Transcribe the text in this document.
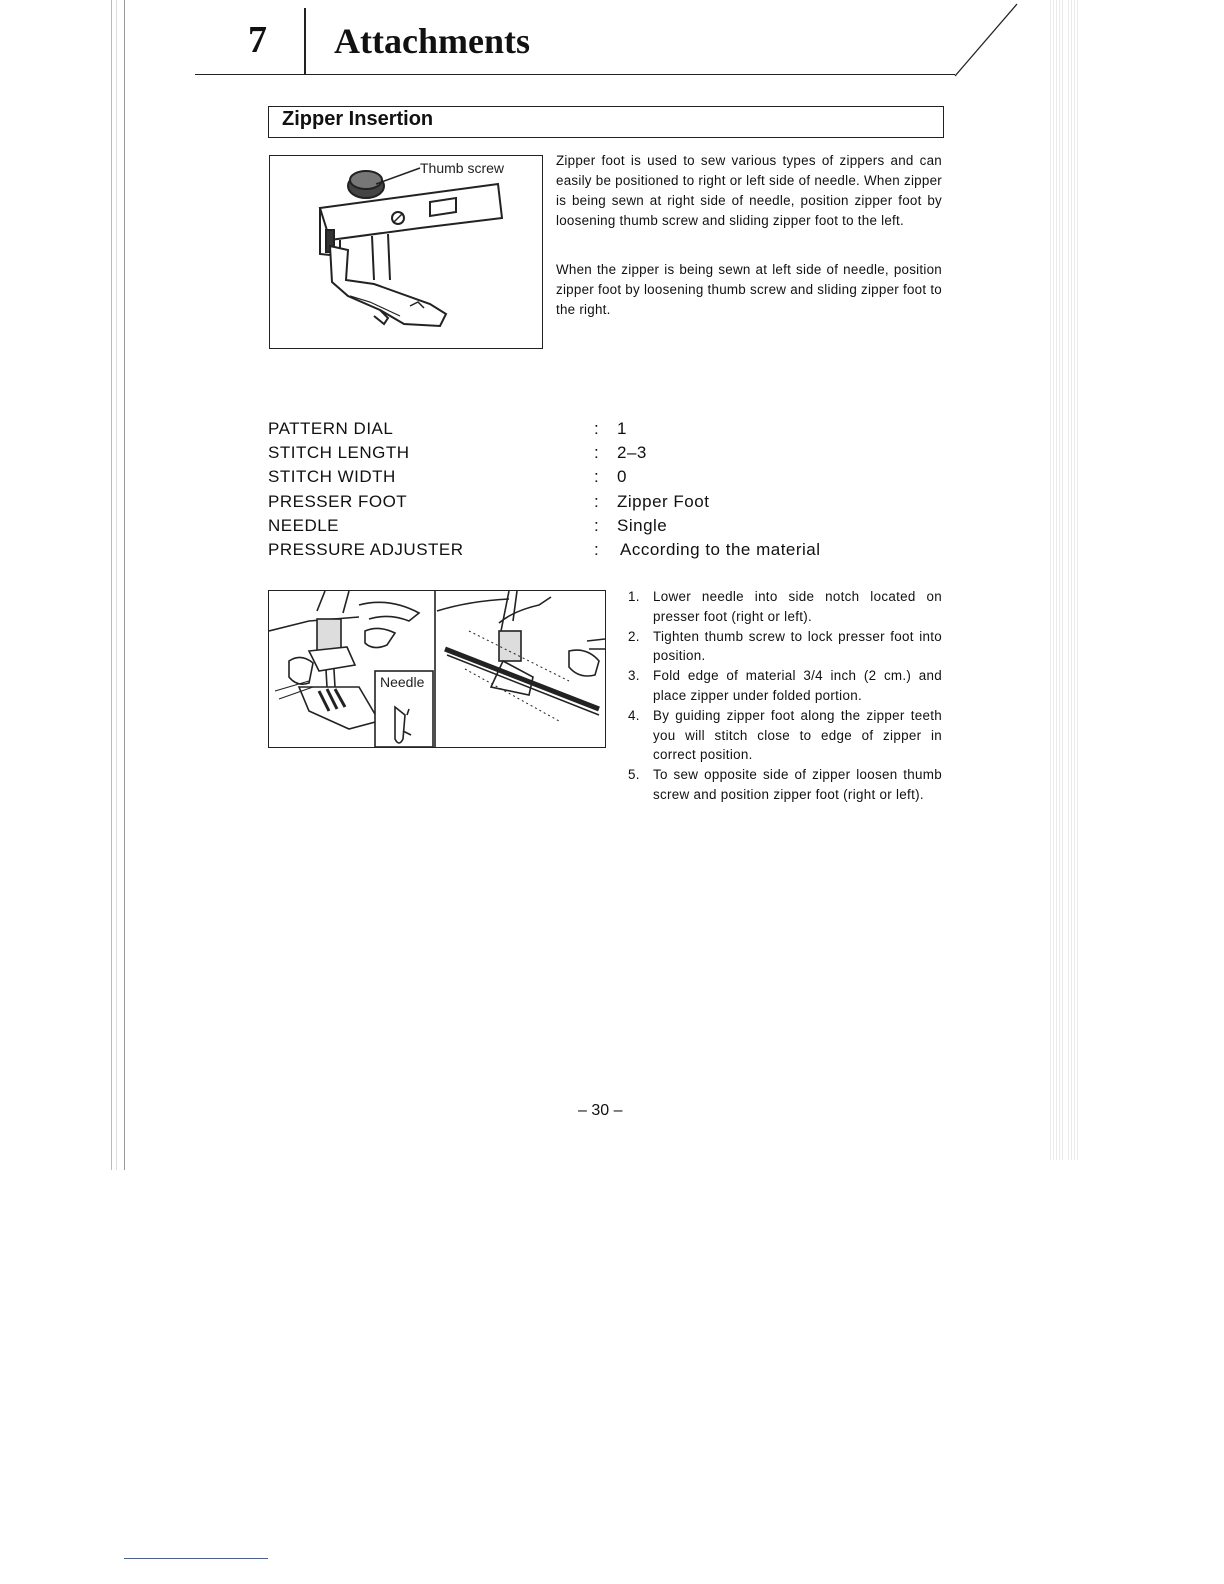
7 Attachments
Zipper Insertion
Thumb screw	Zipper foot is used to sew various types of zippers and can easily be positioned to right or left side of needle. When zipper is being sewn at right side of needle, position zipper foot by loosening thumb screw and sliding zipper foot to the left.

When the zipper is being sewn at left side of needle, position zipper foot by loosening thumb screw and sliding zipper foot to the right.

PATTERN DIAL	: 1
STITCH LENGTH	: 2–3
STITCH WIDTH	: 0
PRESSER FOOT	: Zipper Foot
NEEDLE	: Single
PRESSURE ADJUSTER	: According to the material
Needle
1. Lower needle into side notch located on presser foot (right or left).
2. Tighten thumb screw to lock presser foot into position.
3. Fold edge of material 3/4 inch (2 cm.) and place zipper under folded portion.
4. By guiding zipper foot along the zipper teeth you will stitch close to edge of zipper in correct position.
5. To sew opposite side of zipper loosen thumb screw and position zipper foot (right or left).
– 30 –
